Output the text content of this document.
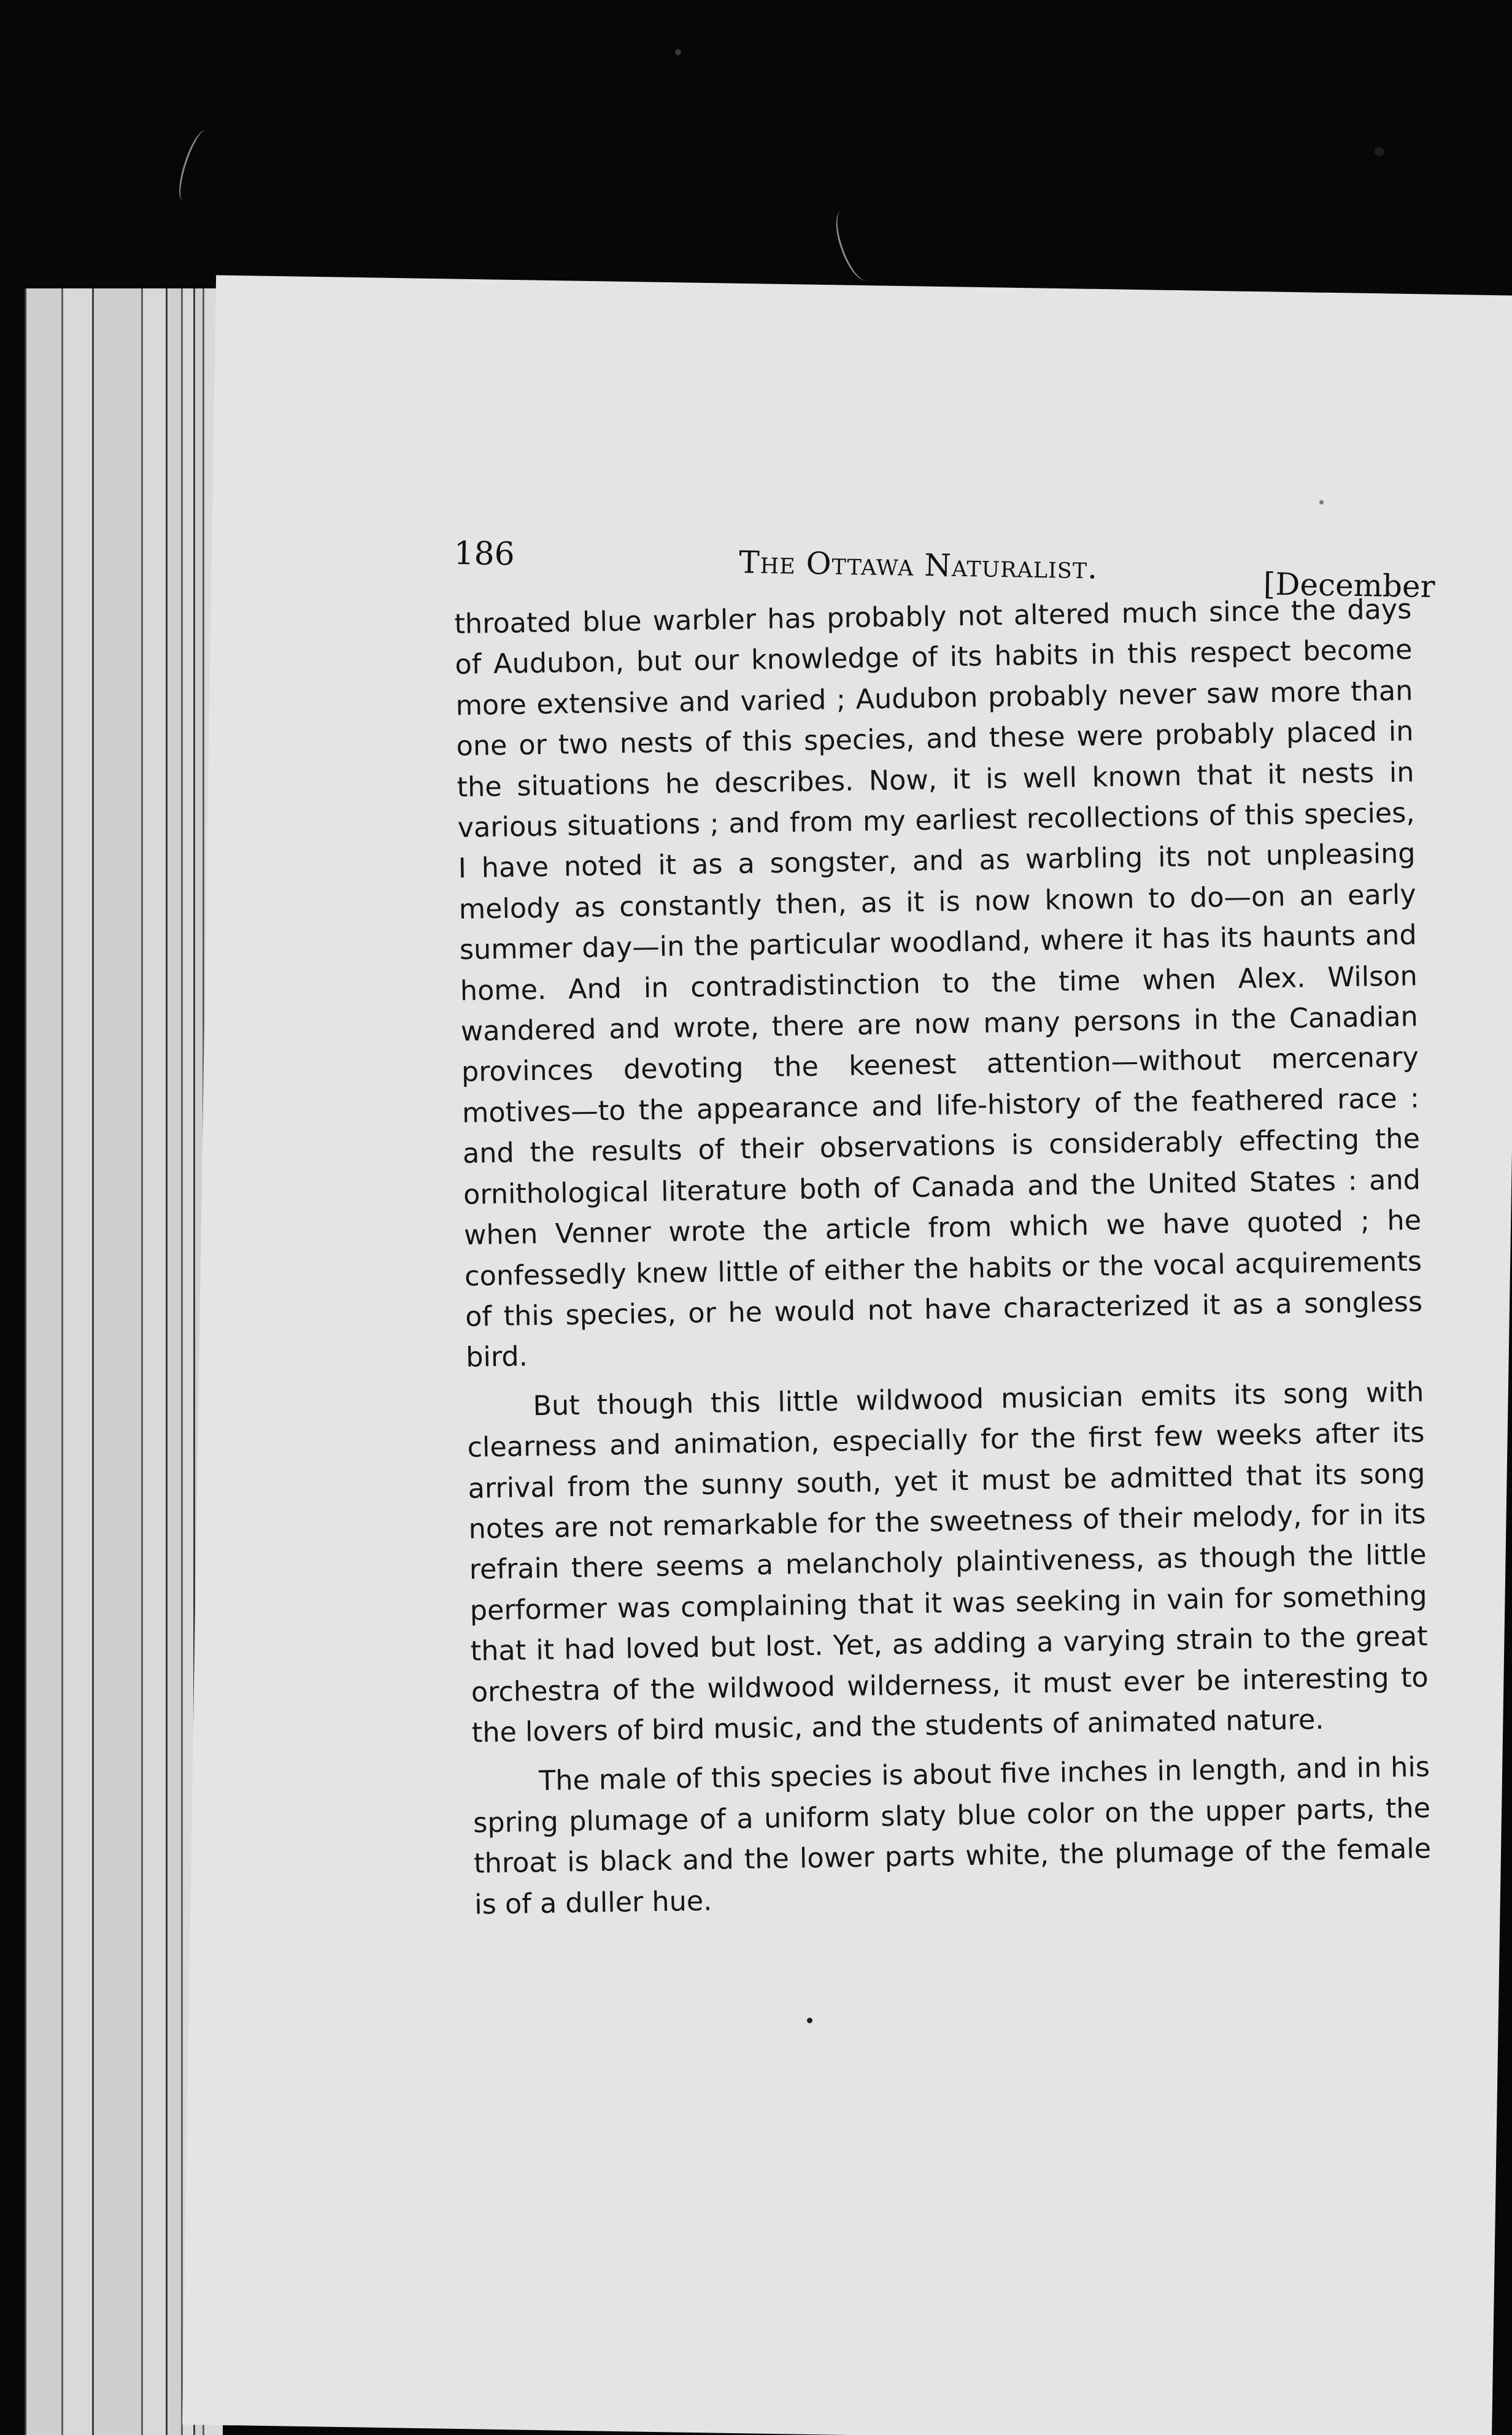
186	The Ottawa Naturalist.	[December

throated blue warbler has probably not altered much since the days of Audubon, but our knowledge of its habits in this respect become more extensive and varied ; Audubon probably never saw more than one or two nests of this species, and these were probably placed in the situations he describes. Now, it is well known that it nests in various situations ; and from my earliest recollections of this species, I have noted it as a songster, and as warbling its not unpleasing melody as constantly then, as it is now known to do—on an early summer day—in the particular woodland, where it has its haunts and home. And in contradistinction to the time when Alex. Wilson wandered and wrote, there are now many persons in the Canadian provinces devoting the keenest attention—without mercenary motives—to the appearance and life-history of the feathered race : and the results of their observations is considerably effecting the ornithological literature both of Canada and the United States : and when Venner wrote the article from which we have quoted ; he confessedly knew little of either the habits or the vocal acquirements of this species, or he would not have characterized it as a songless bird.

But though this little wildwood musician emits its song with clearness and animation, especially for the first few weeks after its arrival from the sunny south, yet it must be admitted that its song notes are not remarkable for the sweetness of their melody, for in its refrain there seems a melancholy plaintiveness, as though the little performer was complaining that it was seeking in vain for something that it had loved but lost. Yet, as adding a varying strain to the great orchestra of the wildwood wilderness, it must ever be interesting to the lovers of bird music, and the students of animated nature.

The male of this species is about five inches in length, and in his spring plumage of a uniform slaty blue color on the upper parts, the throat is black and the lower parts white, the plumage of the female is of a duller hue.
